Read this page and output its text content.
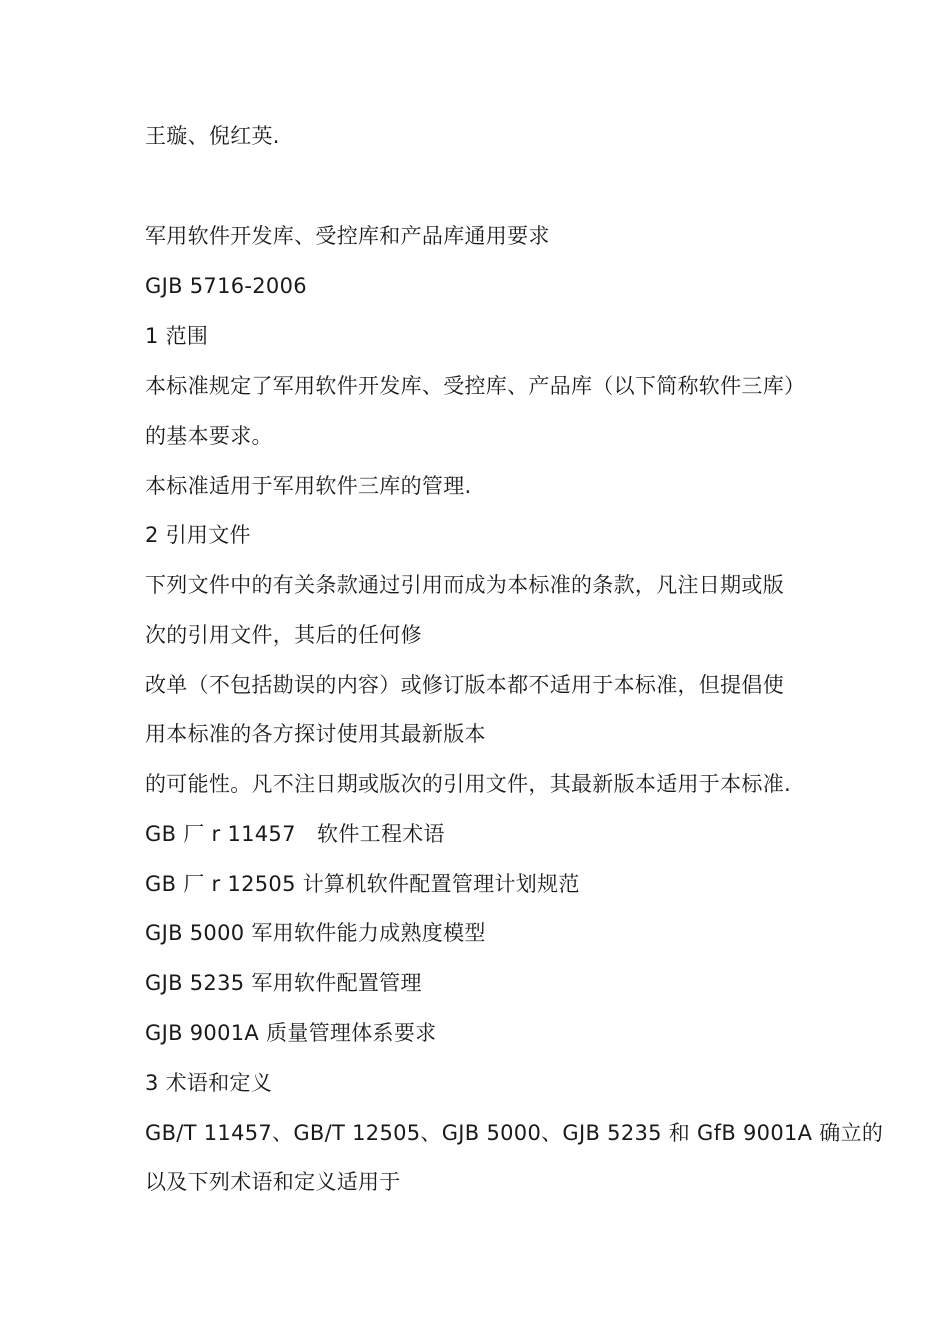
王璇、倪红英.
军用软件开发库、受控库和产品库通用要求
GJB 5716-2006
1 范围
本标准规定了军用软件开发库、受控库、产品库（以下简称软件三库）
的基本要求。
本标准适用于军用软件三库的管理.
2 引用文件
下列文件中的有关条款通过引用而成为本标准的条款，凡注日期或版
次的引用文件，其后的任何修
改单（不包括勘误的内容）或修订版本都不适用于本标准，但提倡使
用本标准的各方探讨使用其最新版本
的可能性。凡不注日期或版次的引用文件，其最新版本适用于本标准.
GB 厂 r 11457　软件工程术语
GB 厂 r 12505 计算机软件配置管理计划规范
GJB 5000 军用软件能力成熟度模型
GJB 5235 军用软件配置管理
GJB 9001A 质量管理体系要求
3 术语和定义
GB/T 11457、GB/T 12505、GJB 5000、GJB 5235 和 GfB 9001A 确立的
以及下列术语和定义适用于
